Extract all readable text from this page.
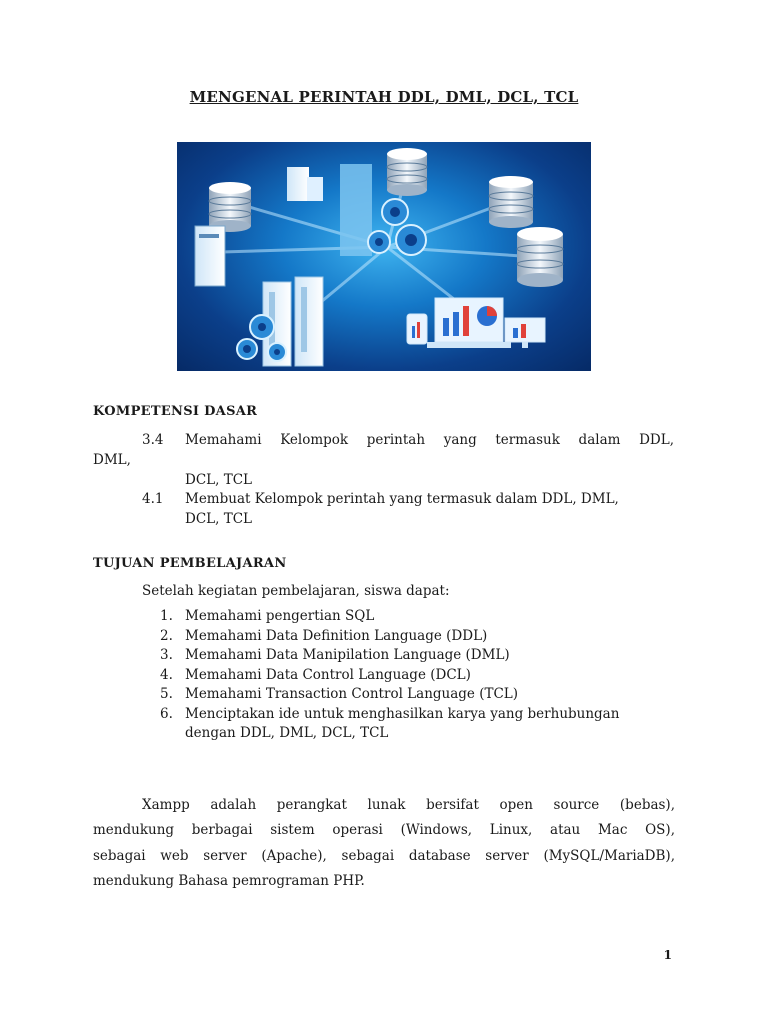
MENGENAL PERINTAH DDL, DML, DCL, TCL
KOMPETENSI DASAR
3.4 Memahami Kelompok perintah yang termasuk dalam DDL,
DML,
DCL, TCL
4.1 Membuat Kelompok perintah yang termasuk dalam DDL, DML,
DCL, TCL
TUJUAN PEMBELAJARAN
Setelah kegiatan pembelajaran, siswa dapat:
1. Memahami pengertian SQL
2. Memahami Data Definition Language (DDL)
3. Memahami Data Manipilation Language (DML)
4. Memahami Data Control Language (DCL)
5. Memahami Transaction Control Language (TCL)
6. Menciptakan ide untuk menghasilkan karya yang berhubungan
dengan DDL, DML, DCL, TCL
Xampp adalah perangkat lunak bersifat open source (bebas),
mendukung berbagai sistem operasi (Windows, Linux, atau Mac OS),
sebagai web server (Apache), sebagai database server (MySQL/MariaDB),
mendukung Bahasa pemrograman PHP.
1
